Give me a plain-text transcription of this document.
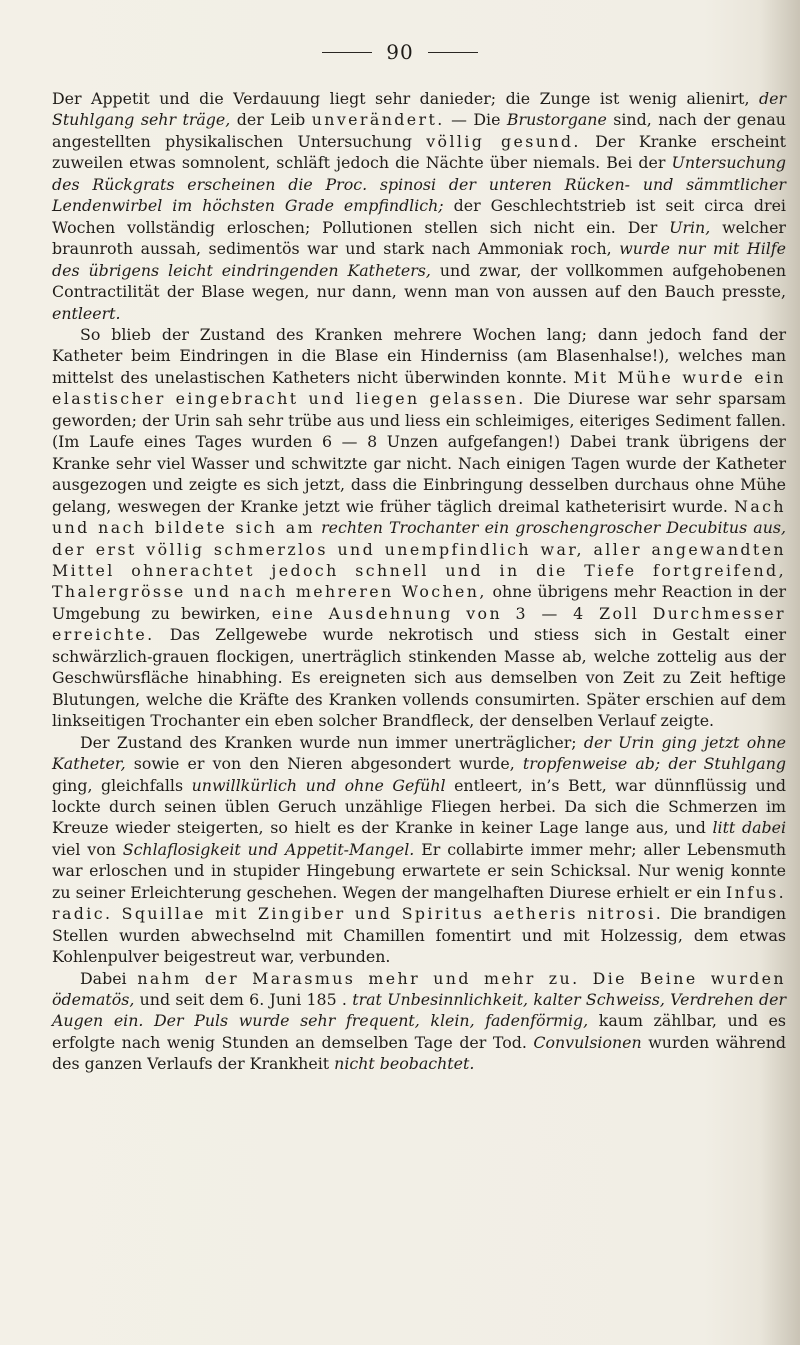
90

Der Appetit und die Verdauung liegt sehr danieder; die Zunge ist wenig alienirt, der Stuhlgang sehr träge, der Leib unverändert. — Die Brustorgane sind, nach der genau angestellten physikalischen Untersuchung völlig gesund. Der Kranke erscheint zuweilen etwas somnolent, schläft jedoch die Nächte über niemals. Bei der Untersuchung des Rückgrats erscheinen die Proc. spinosi der unteren Rücken- und sämmtlicher Lendenwirbel im höchsten Grade empfindlich; der Geschlechtstrieb ist seit circa drei Wochen vollständig erloschen; Pollutionen stellen sich nicht ein. Der Urin, welcher braunroth aussah, sedimentös war und stark nach Ammoniak roch, wurde nur mit Hilfe des übrigens leicht eindringenden Katheters, und zwar, der vollkommen aufgehobenen Contractilität der Blase wegen, nur dann, wenn man von aussen auf den Bauch presste, entleert.

So blieb der Zustand des Kranken mehrere Wochen lang; dann jedoch fand der Katheter beim Eindringen in die Blase ein Hinderniss (am Blasenhalse!), welches man mittelst des unelastischen Katheters nicht überwinden konnte. Mit Mühe wurde ein elastischer eingebracht und liegen gelassen. Die Diurese war sehr sparsam geworden; der Urin sah sehr trübe aus und liess ein schleimiges, eiteriges Sediment fallen. (Im Laufe eines Tages wurden 6 — 8 Unzen aufgefangen!) Dabei trank übrigens der Kranke sehr viel Wasser und schwitzte gar nicht. Nach einigen Tagen wurde der Katheter ausgezogen und zeigte es sich jetzt, dass die Einbringung desselben durchaus ohne Mühe gelang, weswegen der Kranke jetzt wie früher täglich dreimal katheterisirt wurde. Nach und nach bildete sich am rechten Trochanter ein groschengroscher Decubitus aus, der erst völlig schmerzlos und unempfindlich war, aller angewandten Mittel ohnerachtet jedoch schnell und in die Tiefe fortgreifend, Thalergrösse und nach mehreren Wochen, ohne übrigens mehr Reaction in der Umgebung zu bewirken, eine Ausdehnung von 3 — 4 Zoll Durchmesser erreichte. Das Zellgewebe wurde nekrotisch und stiess sich in Gestalt einer schwärzlich-grauen flockigen, unerträglich stinkenden Masse ab, welche zottelig aus der Geschwürsfläche hinabhing. Es ereigneten sich aus demselben von Zeit zu Zeit heftige Blutungen, welche die Kräfte des Kranken vollends consumirten. Später erschien auf dem linkseitigen Trochanter ein eben solcher Brandfleck, der denselben Verlauf zeigte.

Der Zustand des Kranken wurde nun immer unerträglicher; der Urin ging jetzt ohne Katheter, sowie er von den Nieren abgesondert wurde, tropfenweise ab; der Stuhlgang ging, gleichfalls unwillkürlich und ohne Gefühl entleert, in’s Bett, war dünnflüssig und lockte durch seinen üblen Geruch unzählige Fliegen herbei. Da sich die Schmerzen im Kreuze wieder steigerten, so hielt es der Kranke in keiner Lage lange aus, und litt dabei viel von Schlaflosigkeit und Appetit-Mangel. Er collabirte immer mehr; aller Lebensmuth war erloschen und in stupider Hingebung erwartete er sein Schicksal. Nur wenig konnte zu seiner Erleichterung geschehen. Wegen der mangelhaften Diurese erhielt er ein Infus. radic. Squillae mit Zingiber und Spiritus aetheris nitrosi. Die brandigen Stellen wurden abwechselnd mit Chamillen fomentirt und mit Holzessig, dem etwas Kohlenpulver beigestreut war, verbunden.

Dabei nahm der Marasmus mehr und mehr zu. Die Beine wurden ödematös, und seit dem 6. Juni 185 . trat Unbesinnlichkeit, kalter Schweiss, Verdrehen der Augen ein. Der Puls wurde sehr frequent, klein, fadenförmig, kaum zählbar, und es erfolgte nach wenig Stunden an demselben Tage der Tod. Convulsionen wurden während des ganzen Verlaufs der Krankheit nicht beobachtet.
